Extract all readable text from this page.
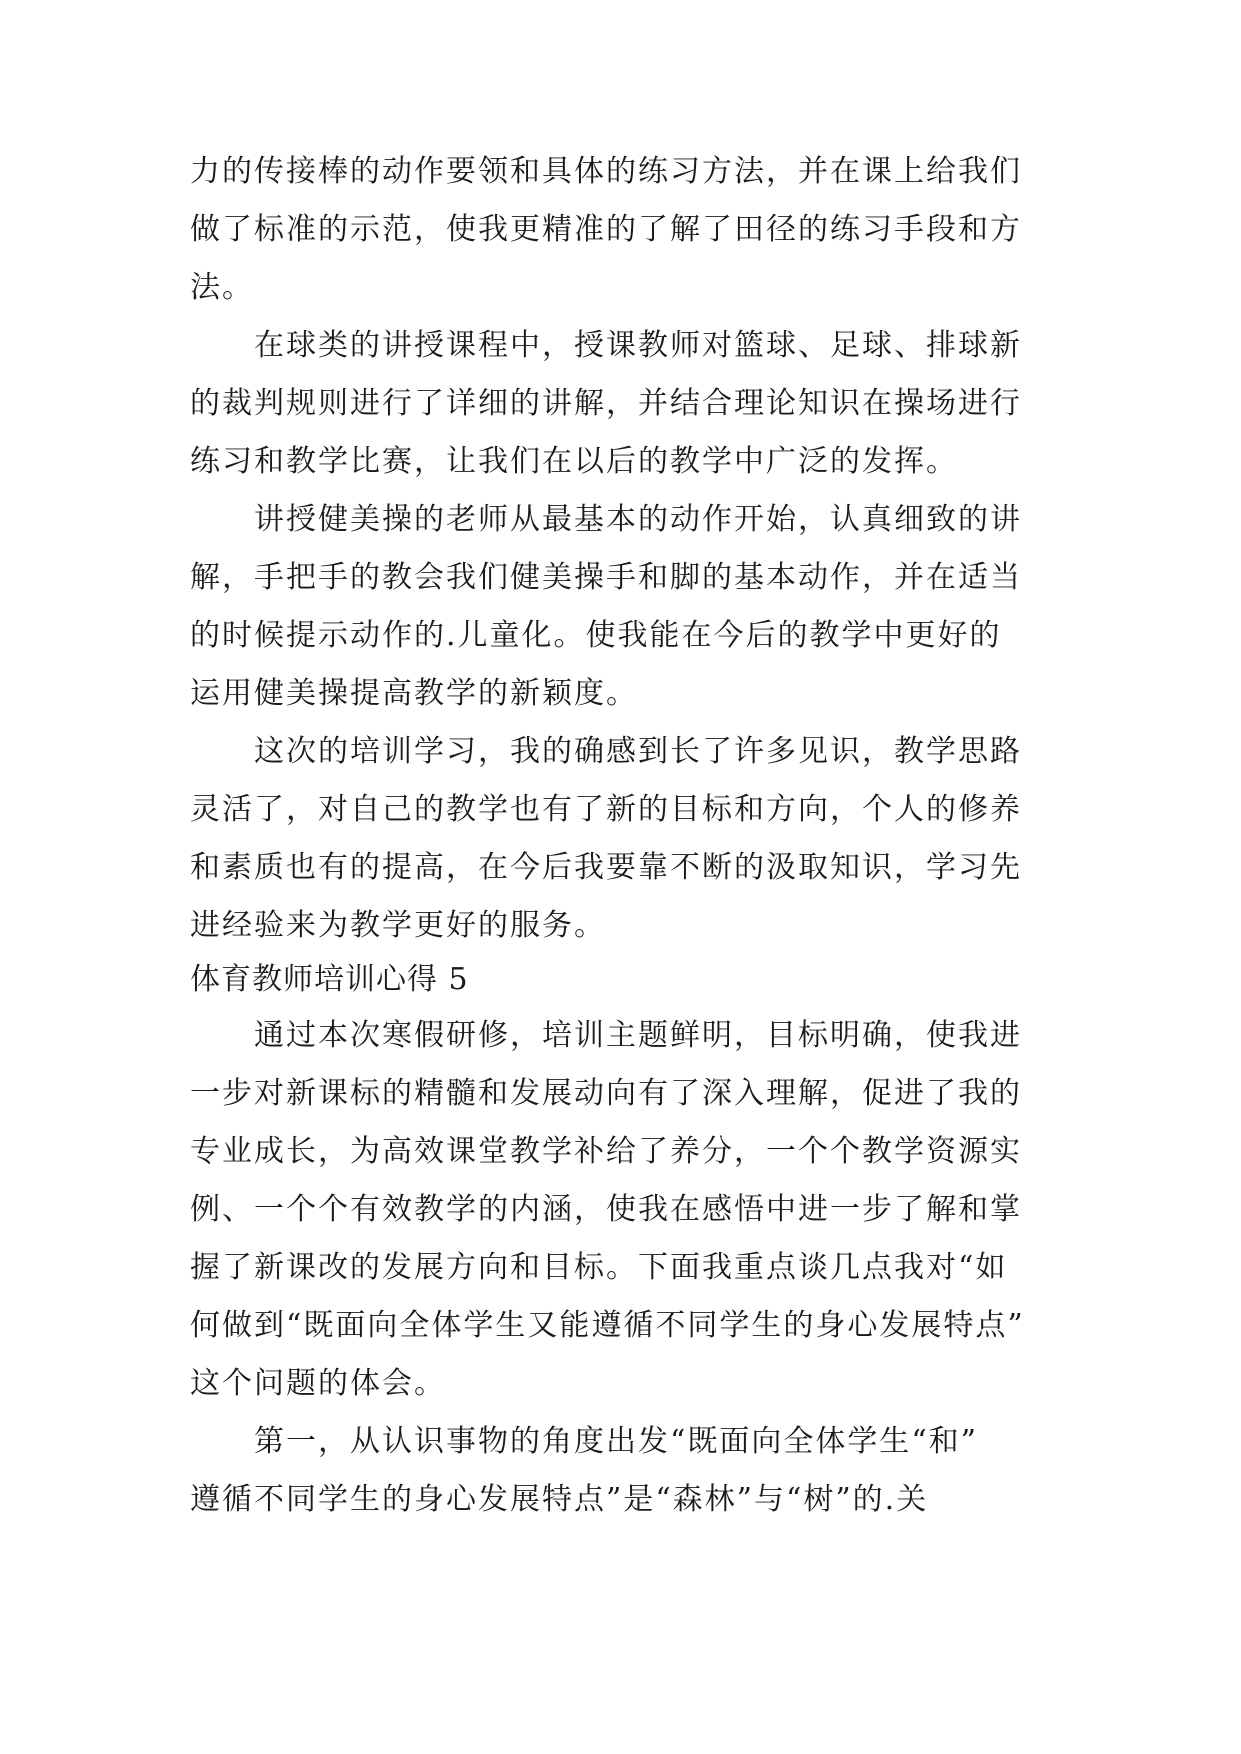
力的传接棒的动作要领和具体的练习方法，并在课上给我们
做了标准的示范，使我更精准的了解了田径的练习手段和方
法。
在球类的讲授课程中，授课教师对篮球、足球、排球新
的裁判规则进行了详细的讲解，并结合理论知识在操场进行
练习和教学比赛，让我们在以后的教学中广泛的发挥。
讲授健美操的老师从最基本的动作开始，认真细致的讲
解，手把手的教会我们健美操手和脚的基本动作，并在适当
的时候提示动作的.儿童化。使我能在今后的教学中更好的
运用健美操提高教学的新颖度。
这次的培训学习，我的确感到长了许多见识，教学思路
灵活了，对自己的教学也有了新的目标和方向，个人的修养
和素质也有的提高，在今后我要靠不断的汲取知识，学习先
进经验来为教学更好的服务。
体育教师培训心得 5
通过本次寒假研修，培训主题鲜明，目标明确，使我进
一步对新课标的精髓和发展动向有了深入理解，促进了我的
专业成长，为高效课堂教学补给了养分，一个个教学资源实
例、一个个有效教学的内涵，使我在感悟中进一步了解和掌
握了新课改的发展方向和目标。下面我重点谈几点我对“如
何做到“既面向全体学生又能遵循不同学生的身心发展特点”
这个问题的体会。
第一，从认识事物的角度出发“既面向全体学生“和”
遵循不同学生的身心发展特点”是“森林”与“树”的.关
